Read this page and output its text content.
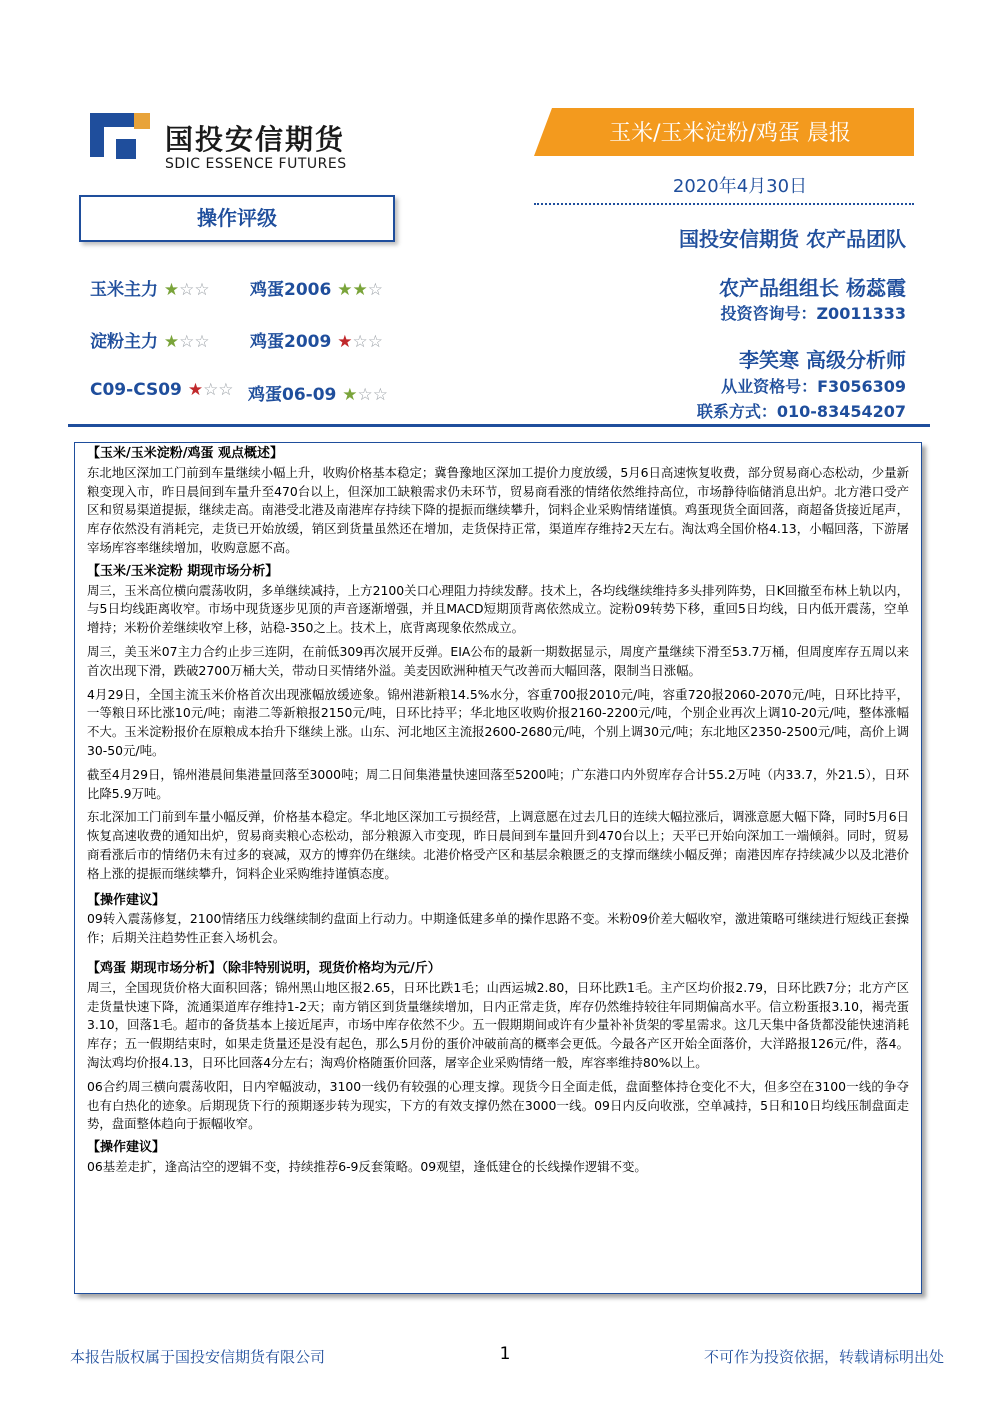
国投安信期货
SDIC ESSENCE FUTURES
玉米/玉米淀粉/鸡蛋 晨报
2020年4月30日
国投安信期货 农产品团队
农产品组组长 杨蕊霞
投资咨询号：Z0011333
李笑寒 高级分析师
从业资格号：F3056309
联系方式：010-83454207
操作评级
玉米主力 ★☆☆ 鸡蛋2006 ★★☆
淀粉主力 ★☆☆ 鸡蛋2009 ★☆☆
C09-CS09 ★☆☆ 鸡蛋06-09 ★☆☆
【玉米/玉米淀粉/鸡蛋 观点概述】

东北地区深加工门前到车量继续小幅上升，收购价格基本稳定；冀鲁豫地区深加工提价力度放缓，5月6日高速恢复收费，部分贸易商心态松动，少量新粮变现入市，昨日晨间到车量升至470台以上，但深加工缺粮需求仍未环节，贸易商看涨的情绪依然维持高位，市场静待临储消息出炉。北方港口受产区和贸易渠道提振，继续走高。南港受北港及南港库存持续下降的提振而继续攀升，饲料企业采购情绪谨慎。鸡蛋现货全面回落，商超备货接近尾声，库存依然没有消耗完，走货已开始放缓，销区到货量虽然还在增加，走货保持正常，渠道库存维持2天左右。淘汰鸡全国价格4.13，小幅回落，下游屠宰场库容率继续增加，收购意愿不高。

【玉米/玉米淀粉 期现市场分析】

周三，玉米高位横向震荡收阴，多单继续减持，上方2100关口心理阻力持续发酵。技术上，各均线继续维持多头排列阵势，日K回撤至布林上轨以内，与5日均线距离收窄。市场中现货逐步见顶的声音逐渐增强，并且MACD短期顶背离依然成立。淀粉09转势下移，重回5日均线，日内低开震荡，空单增持；米粉价差继续收窄上移，站稳-350之上。技术上，底背离现象依然成立。

周三，美玉米07主力合约止步三连阴，在前低309再次展开反弹。EIA公布的最新一期数据显示，周度产量继续下滑至53.7万桶，但周度库存五周以来首次出现下滑，跌破2700万桶大关，带动日买情绪外溢。美麦因欧洲种植天气改善而大幅回落，限制当日涨幅。

4月29日，全国主流玉米价格首次出现涨幅放缓迹象。锦州港新粮14.5%水分，容重700报2010元/吨，容重720报2060-2070元/吨，日环比持平，一等粮日环比涨10元/吨；南港二等新粮报2150元/吨，日环比持平；华北地区收购价报2160-2200元/吨，个别企业再次上调10-20元/吨，整体涨幅不大。玉米淀粉报价在原粮成本抬升下继续上涨。山东、河北地区主流报2600-2680元/吨，个别上调30元/吨；东北地区2350-2500元/吨，高价上调30-50元/吨。

截至4月29日，锦州港晨间集港量回落至3000吨；周二日间集港量快速回落至5200吨；广东港口内外贸库存合计55.2万吨（内33.7，外21.5），日环比降5.9万吨。

东北深加工门前到车量小幅反弹，价格基本稳定。华北地区深加工亏损经营，上调意愿在过去几日的连续大幅拉涨后，调涨意愿大幅下降，同时5月6日恢复高速收费的通知出炉，贸易商卖粮心态松动，部分粮源入市变现，昨日晨间到车量回升到470台以上；天平已开始向深加工一端倾斜。同时，贸易商看涨后市的情绪仍未有过多的衰减，双方的博弈仍在继续。北港价格受产区和基层余粮匮乏的支撑而继续小幅反弹；南港因库存持续减少以及北港价格上涨的提振而继续攀升，饲料企业采购维持谨慎态度。

【操作建议】

09转入震荡修复，2100情绪压力线继续制约盘面上行动力。中期逢低建多单的操作思路不变。米粉09价差大幅收窄，激进策略可继续进行短线正套操作；后期关注趋势性正套入场机会。

【鸡蛋 期现市场分析】（除非特别说明，现货价格均为元/斤）

周三，全国现货价格大面积回落；锦州黑山地区报2.65，日环比跌1毛；山西运城2.80，日环比跌1毛。主产区均价报2.79，日环比跌7分；北方产区走货量快速下降，流通渠道库存维持1-2天；南方销区到货量继续增加，日内正常走货，库存仍然维持较往年同期偏高水平。信立粉蛋报3.10，褐壳蛋3.10，回落1毛。超市的备货基本上接近尾声，市场中库存依然不少。五一假期期间或许有少量补补货架的零星需求。这几天集中备货都没能快速消耗库存；五一假期结束时，如果走货量还是没有起色，那么5月份的蛋价冲破前高的概率会更低。今最各产区开始全面落价，大洋路报126元/件，落4。淘汰鸡均价报4.13，日环比回落4分左右；淘鸡价格随蛋价回落，屠宰企业采购情绪一般，库容率维持80%以上。

06合约周三横向震荡收阳，日内窄幅波动，3100一线仍有较强的心理支撑。现货今日全面走低，盘面整体持仓变化不大，但多空在3100一线的争夺也有白热化的迹象。后期现货下行的预期逐步转为现实，下方的有效支撑仍然在3000一线。09日内反向收涨，空单减持，5日和10日均线压制盘面走势，盘面整体趋向于振幅收窄。

【操作建议】

06基差走扩，逢高沽空的逻辑不变，持续推荐6-9反套策略。09观望，逢低建仓的长线操作逻辑不变。

本报告版权属于国投安信期货有限公司	1	不可作为投资依据，转载请标明出处
